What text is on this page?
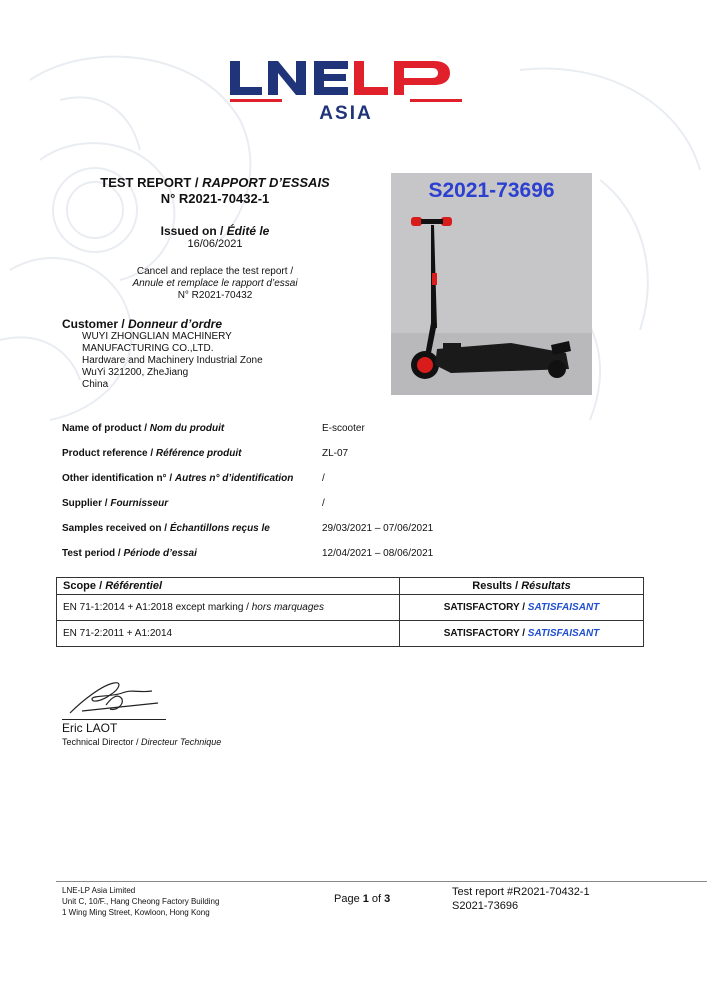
ASIA
TEST REPORT / RAPPORT D’ESSAIS
N° R2021-70432-1
Issued on / Édité le
16/06/2021
Cancel and replace the test report /
Annule et remplace le rapport d’essai
N° R2021-70432
Customer / Donneur d’ordre
WUYI ZHONGLIAN MACHINERY
MANUFACTURING CO.,LTD.
Hardware and Machinery Industrial Zone
WuYi 321200, ZheJiang
China
S2021-73696
Name of product / Nom du produit	E-scooter
Product reference / Référence produit	ZL-07
Other identification n° / Autres n° d’identification	/
Supplier / Fournisseur	/
Samples received on / Échantillons reçus le	29/03/2021 – 07/06/2021
Test period / Période d’essai	12/04/2021 – 08/06/2021
Scope / Référentiel	Results / Résultats
EN 71-1:2014 + A1:2018 except marking / hors marquages	SATISFACTORY / SATISFAISANT
EN 71-2:2011 + A1:2014	SATISFACTORY / SATISFAISANT
Eric LAOT
Technical Director / Directeur Technique
LNE-LP Asia Limited
Unit C, 10/F., Hang Cheong Factory Building
1 Wing Ming Street, Kowloon, Hong Kong
Page 1 of 3
Test report #R2021-70432-1
S2021-73696
